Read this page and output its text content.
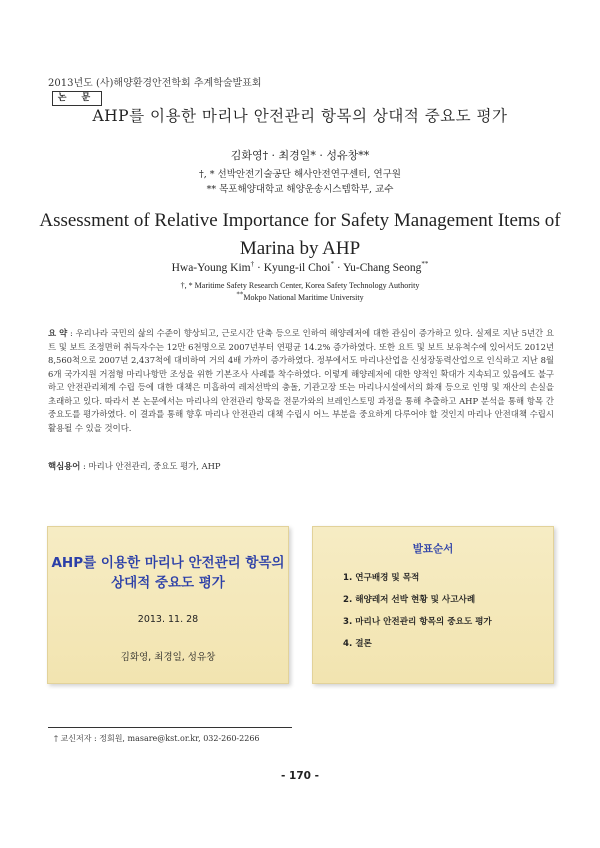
2013년도 (사)해양환경안전학회 추계학술발표회
논 문
AHP를 이용한 마리나 안전관리 항목의 상대적 중요도 평가
김화영† · 최경일* · 성유창**
†, * 선박안전기술공단 해사안전연구센터, 연구원
** 목포해양대학교 해양운송시스템학부, 교수
Assessment of Relative Importance for Safety Management Items of Marina by AHP
Hwa-Young Kim† · Kyung-il Choi* · Yu-Chang Seong**
†, * Maritime Safety Research Center, Korea Safety Technology Authority
**Mokpo National Maritime University
요 약 : 우리나라 국민의 삶의 수준이 향상되고, 근로시간 단축 등으로 인하여 해양레저에 대한 관심이 증가하고 있다. 실제로 지난 5년간 요트 및 보트 조정면허 취득자수는 12만 6천명으로 2007년부터 연평균 14.2% 증가하였다. 또한 요트 및 보트 보유척수에 있어서도 2012년 8,560척으로 2007년 2,437척에 대비하여 거의 4배 가까이 증가하였다. 정부에서도 마리나산업을 신성장동력산업으로 인식하고 지난 8월 6개 국가지원 거점형 마리나항만 조성을 위한 기본조사 사례를 착수하였다. 이렇게 해양레저에 대한 양적인 확대가 지속되고 있음에도 불구하고 안전관리체계 수립 등에 대한 대책은 미흡하여 레저선박의 충돌, 기관고장 또는 마리나시설에서의 화재 등으로 인명 및 재산의 손실을 초래하고 있다. 따라서 본 논문에서는 마리나의 안전관리 항목을 전문가와의 브레인스토밍 과정을 통해 추출하고 AHP 분석을 통해 항목 간 중요도를 평가하였다. 이 결과를 통해 향후 마리나 안전관리 대책 수립시 어느 부분을 중요하게 다루어야 할 것인지 마리나 안전대책 수립시 활용될 수 있을 것이다.
핵심용어 : 마리나 안전관리, 중요도 평가, AHP
AHP를 이용한 마리나 안전관리 항목의
상대적 중요도 평가
2013. 11. 28
김화영, 최경일, 성유창
발표순서
1. 연구배경 및 목적
2. 해양레저 선박 현황 및 사고사례
3. 마리나 안전관리 항목의 중요도 평가
4. 결론
† 교신저자 : 정회원, masare@kst.or.kr, 032-260-2266
- 170 -
